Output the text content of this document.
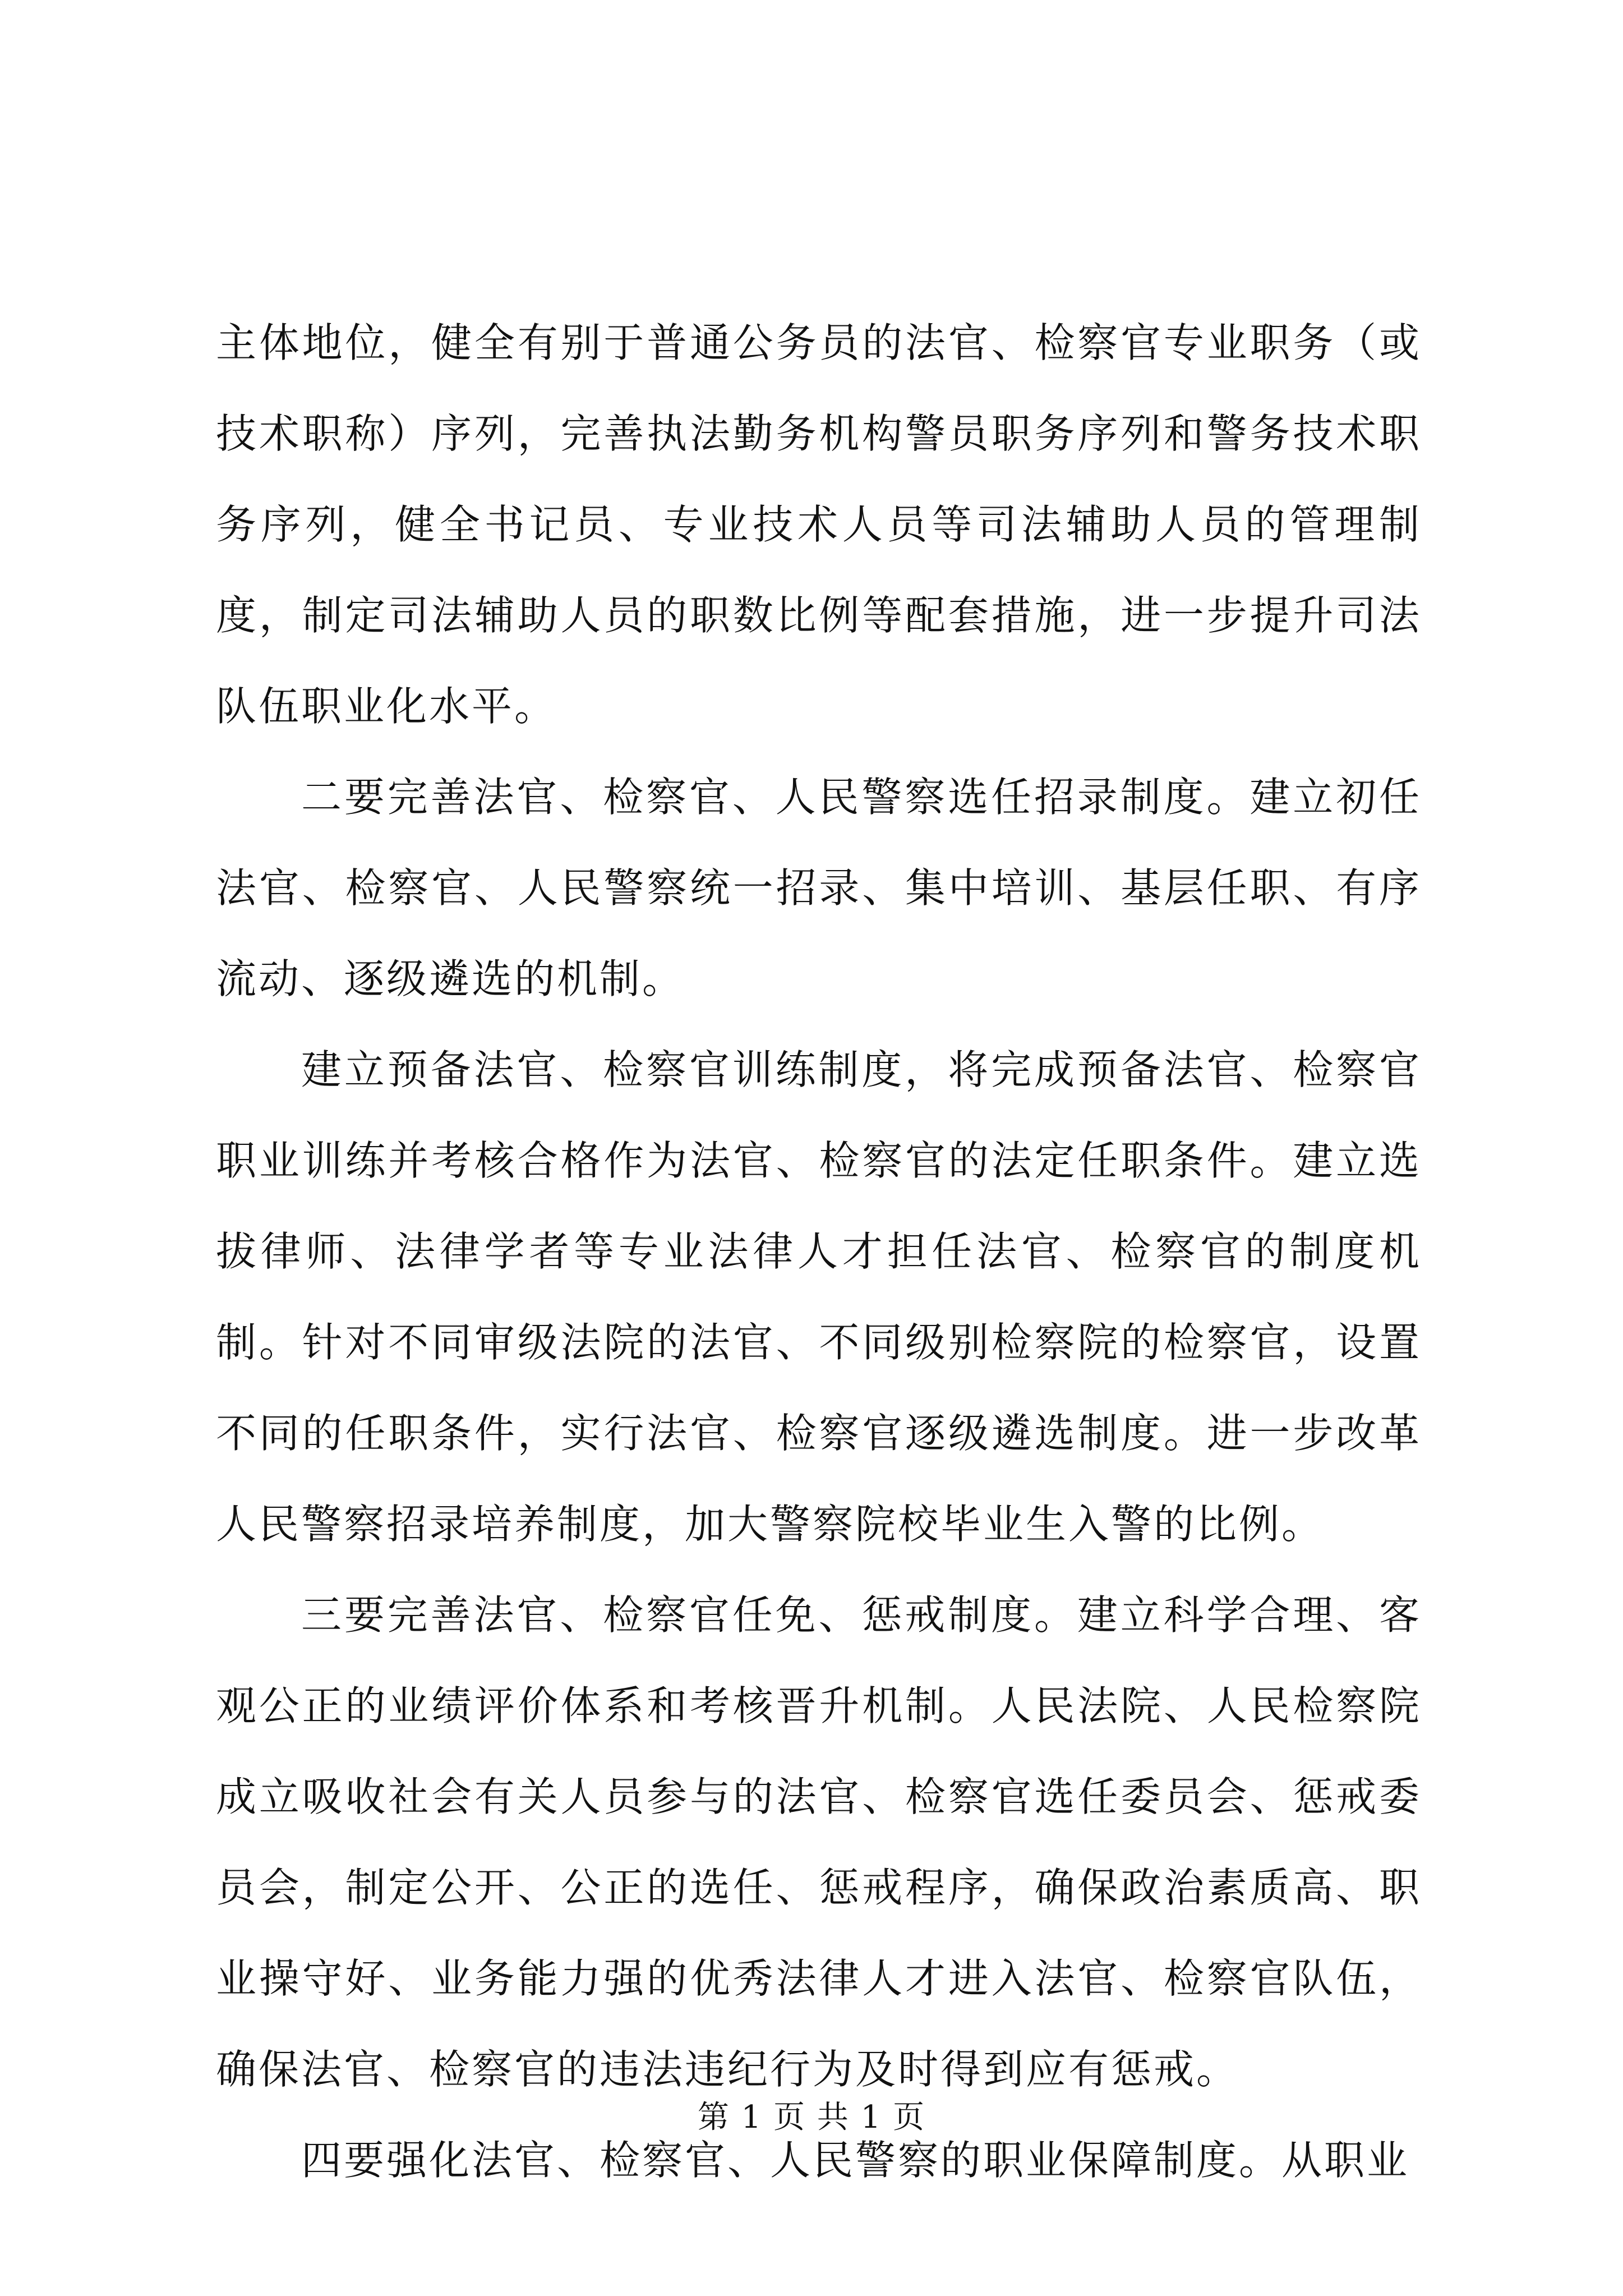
主体地位，健全有别于普通公务员的法官、检察官专业职务（或技术职称）序列，完善执法勤务机构警员职务序列和警务技术职务序列，健全书记员、专业技术人员等司法辅助人员的管理制度，制定司法辅助人员的职数比例等配套措施，进一步提升司法队伍职业化水平。

二要完善法官、检察官、人民警察选任招录制度。建立初任法官、检察官、人民警察统一招录、集中培训、基层任职、有序流动、逐级遴选的机制。

建立预备法官、检察官训练制度，将完成预备法官、检察官职业训练并考核合格作为法官、检察官的法定任职条件。建立选拔律师、法律学者等专业法律人才担任法官、检察官的制度机制。针对不同审级法院的法官、不同级别检察院的检察官，设置不同的任职条件，实行法官、检察官逐级遴选制度。进一步改革人民警察招录培养制度，加大警察院校毕业生入警的比例。

三要完善法官、检察官任免、惩戒制度。建立科学合理、客观公正的业绩评价体系和考核晋升机制。人民法院、人民检察院成立吸收社会有关人员参与的法官、检察官选任委员会、惩戒委员会，制定公开、公正的选任、惩戒程序，确保政治素质高、职业操守好、业务能力强的优秀法律人才进入法官、检察官队伍，确保法官、检察官的违法违纪行为及时得到应有惩戒。

四要强化法官、检察官、人民警察的职业保障制度。从职业

第 1 页 共 1 页
